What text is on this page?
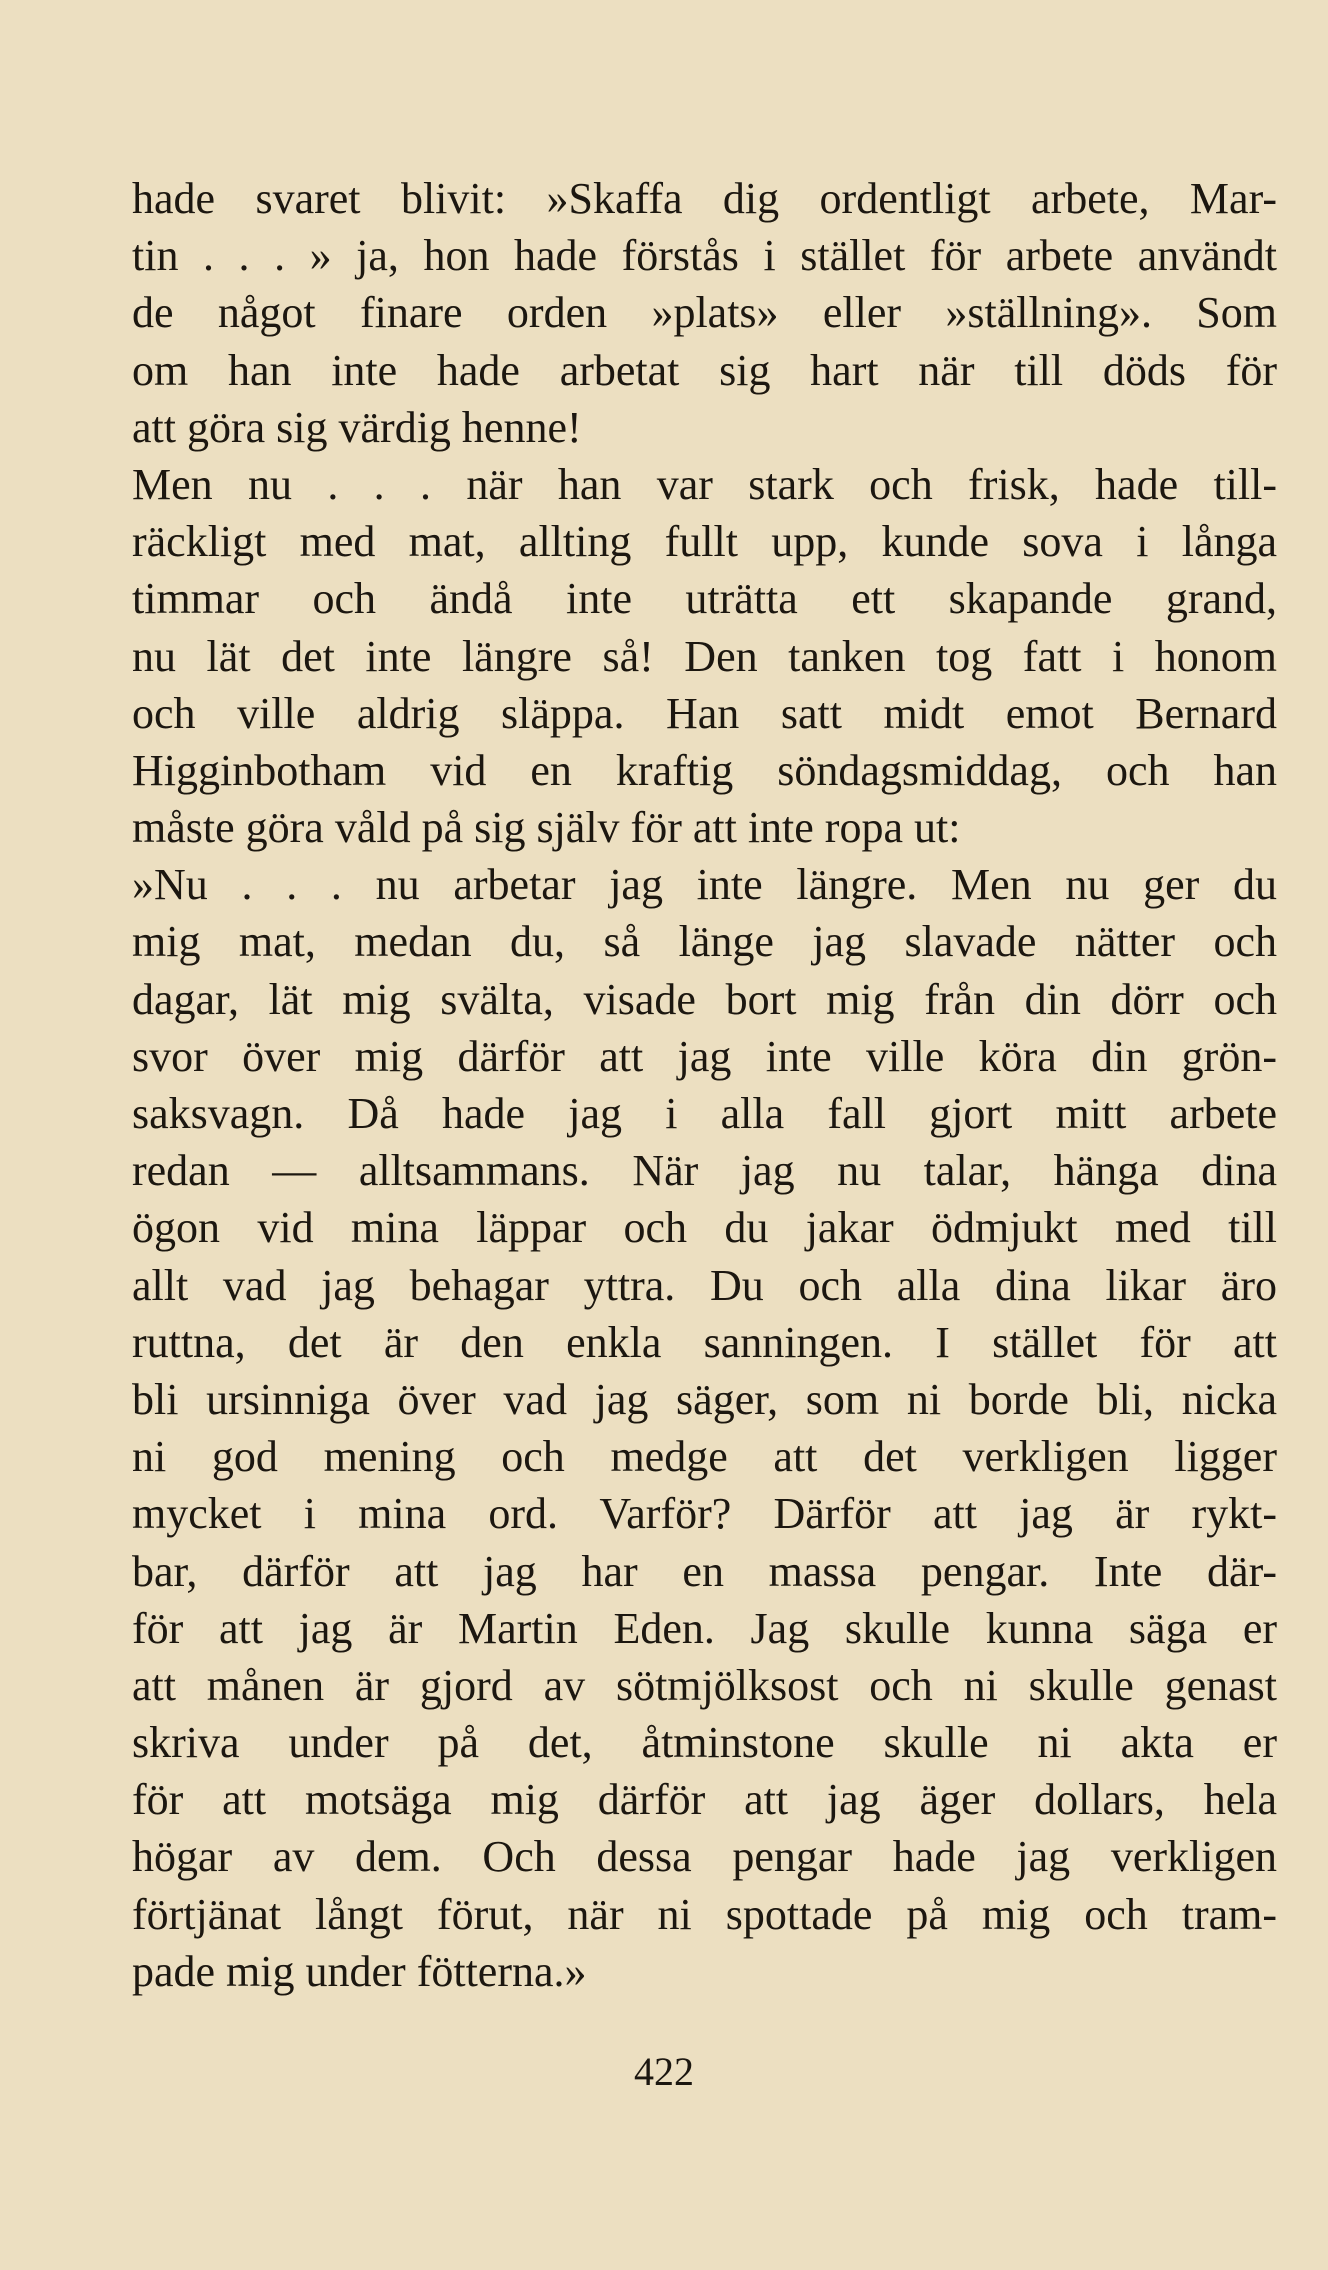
hade svaret blivit: »Skaffa dig ordentligt arbete, Mar-
tin . . . » ja, hon hade förstås i stället för arbete användt
de något finare orden »plats» eller »ställning». Som
om han inte hade arbetat sig hart när till döds för
att göra sig värdig henne!
Men nu . . . när han var stark och frisk, hade till-
räckligt med mat, allting fullt upp, kunde sova i långa
timmar och ändå inte uträtta ett skapande grand,
nu lät det inte längre så! Den tanken tog fatt i honom
och ville aldrig släppa. Han satt midt emot Bernard
Higginbotham vid en kraftig söndagsmiddag, och han
måste göra våld på sig själv för att inte ropa ut:
»Nu . . . nu arbetar jag inte längre. Men nu ger du
mig mat, medan du, så länge jag slavade nätter och
dagar, lät mig svälta, visade bort mig från din dörr och
svor över mig därför att jag inte ville köra din grön-
saksvagn. Då hade jag i alla fall gjort mitt arbete
redan — alltsammans. När jag nu talar, hänga dina
ögon vid mina läppar och du jakar ödmjukt med till
allt vad jag behagar yttra. Du och alla dina likar äro
ruttna, det är den enkla sanningen. I stället för att
bli ursinniga över vad jag säger, som ni borde bli, nicka
ni god mening och medge att det verkligen ligger
mycket i mina ord. Varför? Därför att jag är rykt-
bar, därför att jag har en massa pengar. Inte där-
för att jag är Martin Eden. Jag skulle kunna säga er
att månen är gjord av sötmjölksost och ni skulle genast
skriva under på det, åtminstone skulle ni akta er
för att motsäga mig därför att jag äger dollars, hela
högar av dem. Och dessa pengar hade jag verkligen
förtjänat långt förut, när ni spottade på mig och tram-
pade mig under fötterna.»
422
